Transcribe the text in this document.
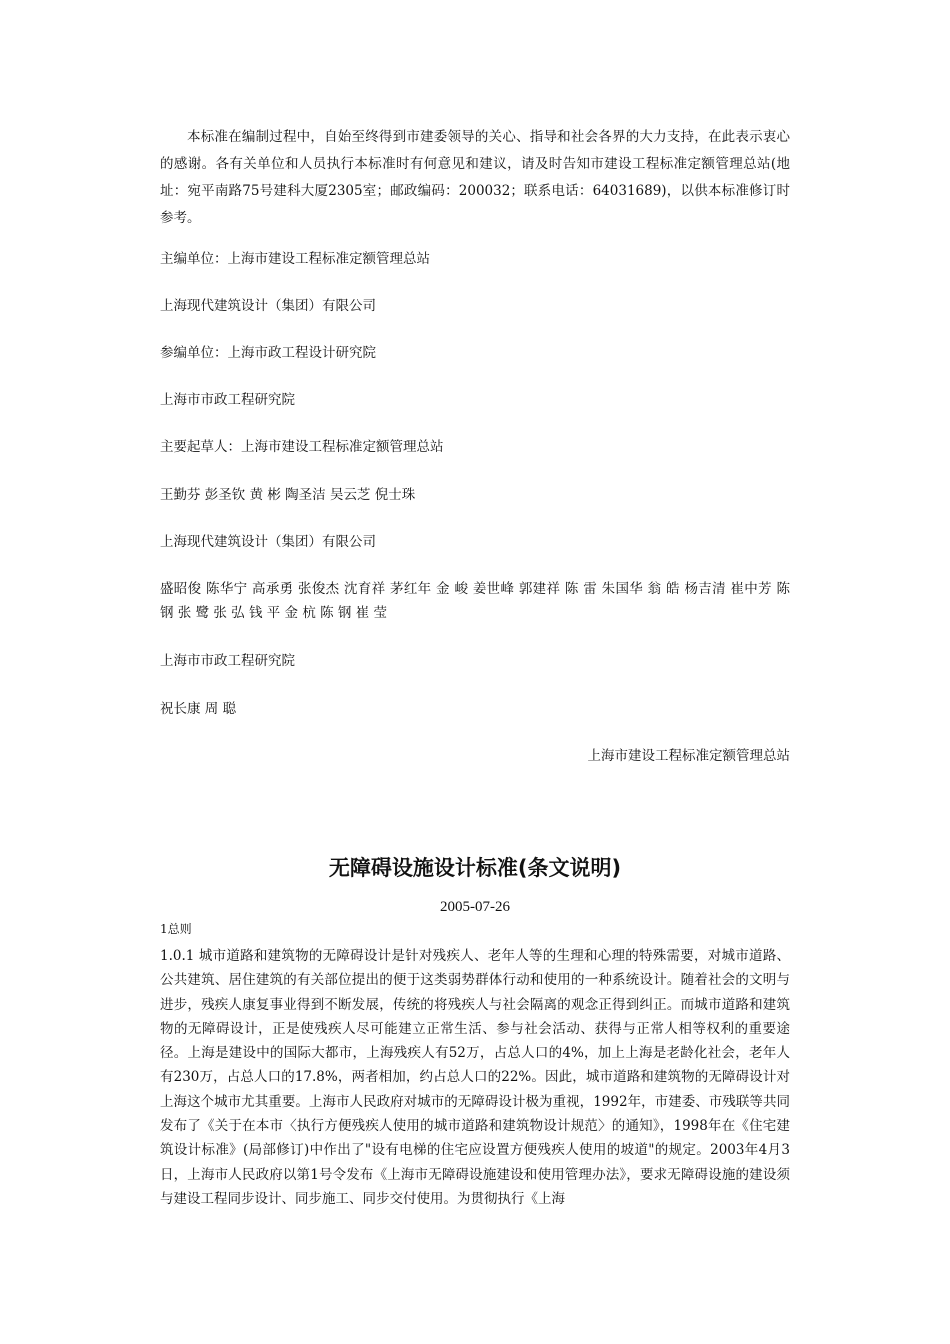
本标准在编制过程中，自始至终得到市建委领导的关心、指导和社会各界的大力支持，在此表示衷心的感谢。各有关单位和人员执行本标准时有何意见和建议，请及时告知市建设工程标准定额管理总站(地址：宛平南路75号建科大厦2305室；邮政编码：200032；联系电话：64031689)，以供本标准修订时参考。

主编单位：上海市建设工程标准定额管理总站

上海现代建筑设计（集团）有限公司

参编单位：上海市政工程设计研究院

上海市市政工程研究院

主要起草人：上海市建设工程标准定额管理总站

王勤芬 彭圣钦 黄 彬 陶圣洁 吴云芝 倪士珠

上海现代建筑设计（集团）有限公司

盛昭俊 陈华宁 高承勇 张俊杰 沈育祥 茅红年 金 峻 姜世峰 郭建祥 陈 雷 朱国华 翁 皓 杨吉清 崔中芳 陈 钢 张 鹭 张 弘 钱 平 金 杭 陈 钢 崔 莹

上海市市政工程研究院

祝长康 周 聪

上海市建设工程标准定额管理总站

无障碍设施设计标准(条文说明)

2005-07-26

1总则

1.0.1 城市道路和建筑物的无障碍设计是针对残疾人、老年人等的生理和心理的特殊需要，对城市道路、公共建筑、居住建筑的有关部位提出的便于这类弱势群体行动和使用的一种系统设计。随着社会的文明与进步，残疾人康复事业得到不断发展，传统的将残疾人与社会隔离的观念正得到纠正。而城市道路和建筑物的无障碍设计，正是使残疾人尽可能建立正常生活、参与社会活动、获得与正常人相等权利的重要途径。上海是建设中的国际大都市，上海残疾人有52万，占总人口的4%，加上上海是老龄化社会，老年人有230万，占总人口的17.8%，两者相加，约占总人口的22%。因此，城市道路和建筑物的无障碍设计对上海这个城市尤其重要。上海市人民政府对城市的无障碍设计极为重视，1992年，市建委、市残联等共同发布了《关于在本市〈执行方便残疾人使用的城市道路和建筑物设计规范〉的通知》，1998年在《住宅建筑设计标准》(局部修订)中作出了"设有电梯的住宅应设置方便残疾人使用的坡道"的规定。2003年4月3日，上海市人民政府以第1号令发布《上海市无障碍设施建设和使用管理办法》，要求无障碍设施的建设须与建设工程同步设计、同步施工、同步交付使用。为贯彻执行《上海
